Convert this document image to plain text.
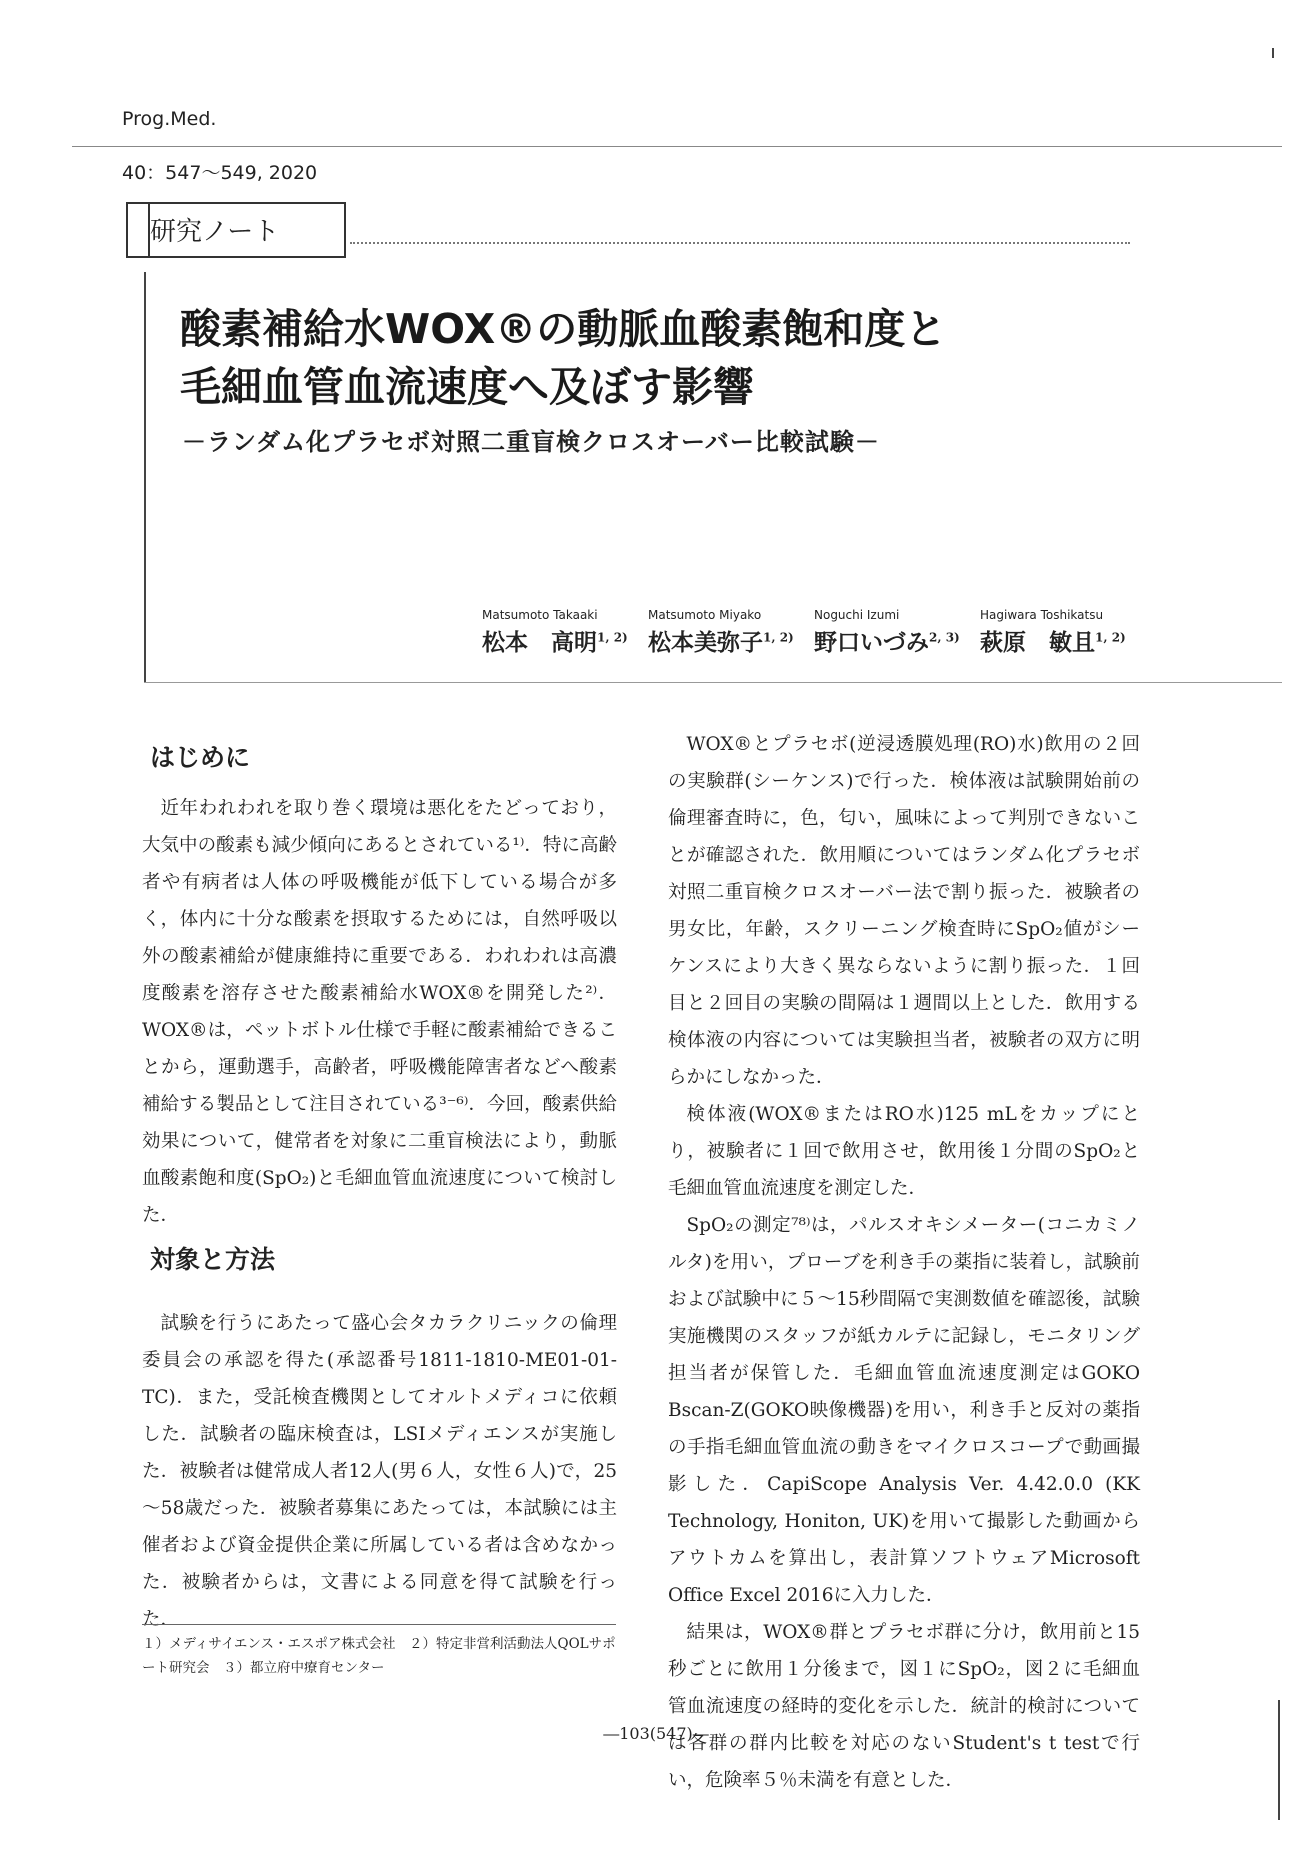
Prog.Med.
40：547～549, 2020
研究ノート
酸素補給水WOX®の動脈血酸素飽和度と
毛細血管血流速度へ及ぼす影響
－ランダム化プラセボ対照二重盲検クロスオーバー比較試験－
Matsumoto Takaaki
松本　高明$^{1, 2)}$
Matsumoto Miyako
松本美弥子$^{1, 2)}$
Noguchi Izumi
野口いづみ$^{2, 3)}$
Hagiwara Toshikatsu
萩原　敏且$^{1, 2)}$
はじめに

近年われわれを取り巻く環境は悪化をたどっており，大気中の酸素も減少傾向にあるとされている¹⁾．特に高齢者や有病者は人体の呼吸機能が低下している場合が多く，体内に十分な酸素を摂取するためには，自然呼吸以外の酸素補給が健康維持に重要である．われわれは高濃度酸素を溶存させた酸素補給水WOX®を開発した²⁾．WOX®は，ペットボトル仕様で手軽に酸素補給できることから，運動選手，高齢者，呼吸機能障害者などへ酸素補給する製品として注目されている³⁻⁶⁾．今回，酸素供給効果について，健常者を対象に二重盲検法により，動脈血酸素飽和度(SpO₂)と毛細血管血流速度について検討した．

対象と方法

試験を行うにあたって盛心会タカラクリニックの倫理委員会の承認を得た(承認番号1811-1810-ME01-01-TC)．また，受託検査機関としてオルトメディコに依頼した．試験者の臨床検査は，LSIメディエンスが実施した．被験者は健常成人者12人(男６人，女性６人)で，25～58歳だった．被験者募集にあたっては，本試験には主催者および資金提供企業に所属している者は含めなかった．被験者からは，文書による同意を得て試験を行った．

１）メディサイエンス・エスポア株式会社　２）特定非営利活動法人QOLサポート研究会　３）都立府中療育センター

WOX®とプラセボ(逆浸透膜処理(RO)水)飲用の２回の実験群(シーケンス)で行った．検体液は試験開始前の倫理審査時に，色，匂い，風味によって判別できないことが確認された．飲用順についてはランダム化プラセボ対照二重盲検クロスオーバー法で割り振った．被験者の男女比，年齢，スクリーニング検査時にSpO₂値がシーケンスにより大きく異ならないように割り振った．１回目と２回目の実験の間隔は１週間以上とした．飲用する検体液の内容については実験担当者，被験者の双方に明らかにしなかった．

検体液(WOX®またはRO水)125 mLをカップにとり，被験者に１回で飲用させ，飲用後１分間のSpO₂と毛細血管血流速度を測定した．

SpO₂の測定⁷⁸⁾は，パルスオキシメーター(コニカミノルタ)を用い，プローブを利き手の薬指に装着し，試験前および試験中に５～15秒間隔で実測数値を確認後，試験実施機関のスタッフが紙カルテに記録し，モニタリング担当者が保管した．毛細血管血流速度測定はGOKO Bscan-Z(GOKO映像機器)を用い，利き手と反対の薬指の手指毛細血管血流の動きをマイクロスコープで動画撮影した．CapiScope Analysis Ver. 4.42.0.0 (KK Technology, Honiton, UK)を用いて撮影した動画からアウトカムを算出し，表計算ソフトウェアMicrosoft Office Excel 2016に入力した．

結果は，WOX®群とプラセボ群に分け，飲用前と15秒ごとに飲用１分後まで，図１にSpO₂，図２に毛細血管血流速度の経時的変化を示した．統計的検討については各群の群内比較を対応のないStudent's t testで行い，危険率５％未満を有意とした．

―103(547)―
